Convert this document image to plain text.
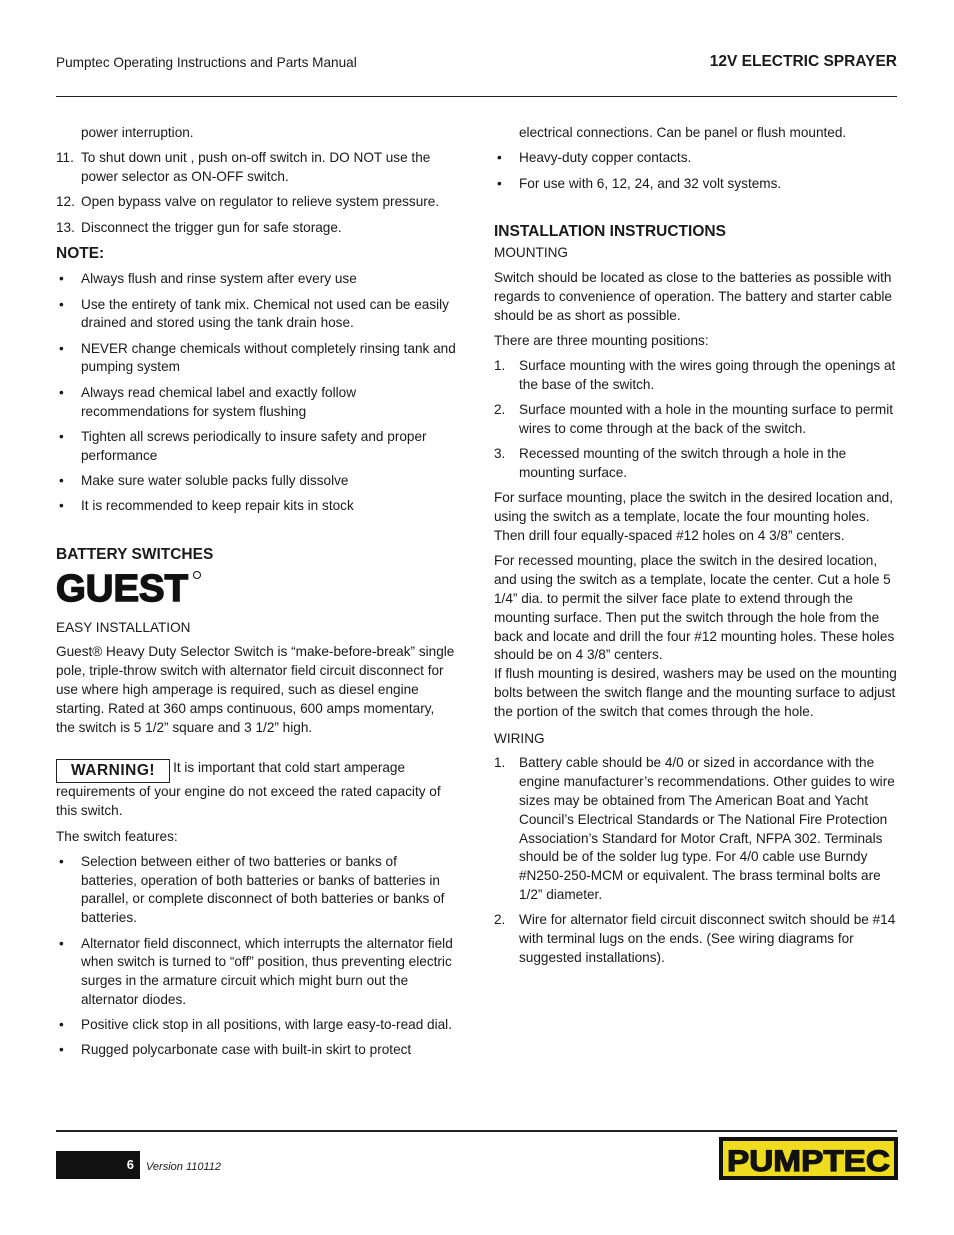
Pumptec Operating Instructions and Parts Manual	12V ELECTRIC SPRAYER
power interruption.
11. To shut down unit , push on-off switch in. DO NOT use the power selector as ON-OFF switch.
12. Open bypass valve on regulator to relieve system pressure.
13. Disconnect the trigger gun for safe storage.
NOTE:
• Always flush and rinse system after every use
• Use the entirety of tank mix. Chemical not used can be easily drained and stored using the tank drain hose.
• NEVER change chemicals without completely rinsing tank and pumping system
• Always read chemical label and exactly follow recommendations for system flushing
• Tighten all screws periodically to insure safety and proper performance
• Make sure water soluble packs fully dissolve
• It is recommended to keep repair kits in stock
BATTERY SWITCHES
GUEST
EASY INSTALLATION

Guest® Heavy Duty Selector Switch is “make-before-break” single pole, triple-throw switch with alternator field circuit disconnect for use where high amperage is required, such as diesel engine starting. Rated at 360 amps continuous, 600 amps momentary, the switch is 5 1/2” square and 3 1/2” high.

WARNING! It is important that cold start amperage requirements of your engine do not exceed the rated capacity of this switch.

The switch features:

• Selection between either of two batteries or banks of batteries, operation of both batteries or banks of batteries in parallel, or complete disconnect of both batteries or banks of batteries.
• Alternator field disconnect, which interrupts the alternator field when switch is turned to “off” position, thus preventing electric surges in the armature circuit which might burn out the alternator diodes.
• Positive click stop in all positions, with large easy-to-read dial.
• Rugged polycarbonate case with built-in skirt to protect
electrical connections. Can be panel or flush mounted.
• Heavy-duty copper contacts.
• For use with 6, 12, 24, and 32 volt systems.
INSTALLATION INSTRUCTIONS
MOUNTING

Switch should be located as close to the batteries as possible with regards to convenience of operation. The battery and starter cable should be as short as possible.

There are three mounting positions:

1. Surface mounting with the wires going through the openings at the base of the switch.
2. Surface mounted with a hole in the mounting surface to permit wires to come through at the back of the switch.
3. Recessed mounting of the switch through a hole in the mounting surface.

For surface mounting, place the switch in the desired location and, using the switch as a template, locate the four mounting holes. Then drill four equally-spaced #12 holes on 4 3/8” centers.

For recessed mounting, place the switch in the desired location, and using the switch as a template, locate the center. Cut a hole 5 1/4” dia. to permit the silver face plate to extend through the mounting surface. Then put the switch through the hole from the back and locate and drill the four #12 mounting holes. These holes should be on 4 3/8” centers.

If flush mounting is desired, washers may be used on the mounting bolts between the switch flange and the mounting surface to adjust the portion of the switch that comes through the hole.

WIRING
1. Battery cable should be 4/0 or sized in accordance with the engine manufacturer’s recommendations. Other guides to wire sizes may be obtained from The American Boat and Yacht Council’s Electrical Standards or The National Fire Protection Association’s Standard for Motor Craft, NFPA 302. Terminals should be of the solder lug type. For 4/0 cable use Burndy #N250-250-MCM or equivalent. The brass terminal bolts are 1/2” diameter.
2. Wire for alternator field circuit disconnect switch should be #14 with terminal lugs on the ends. (See wiring diagrams for suggested installations).
6 Version 110112	PUMPTEC
